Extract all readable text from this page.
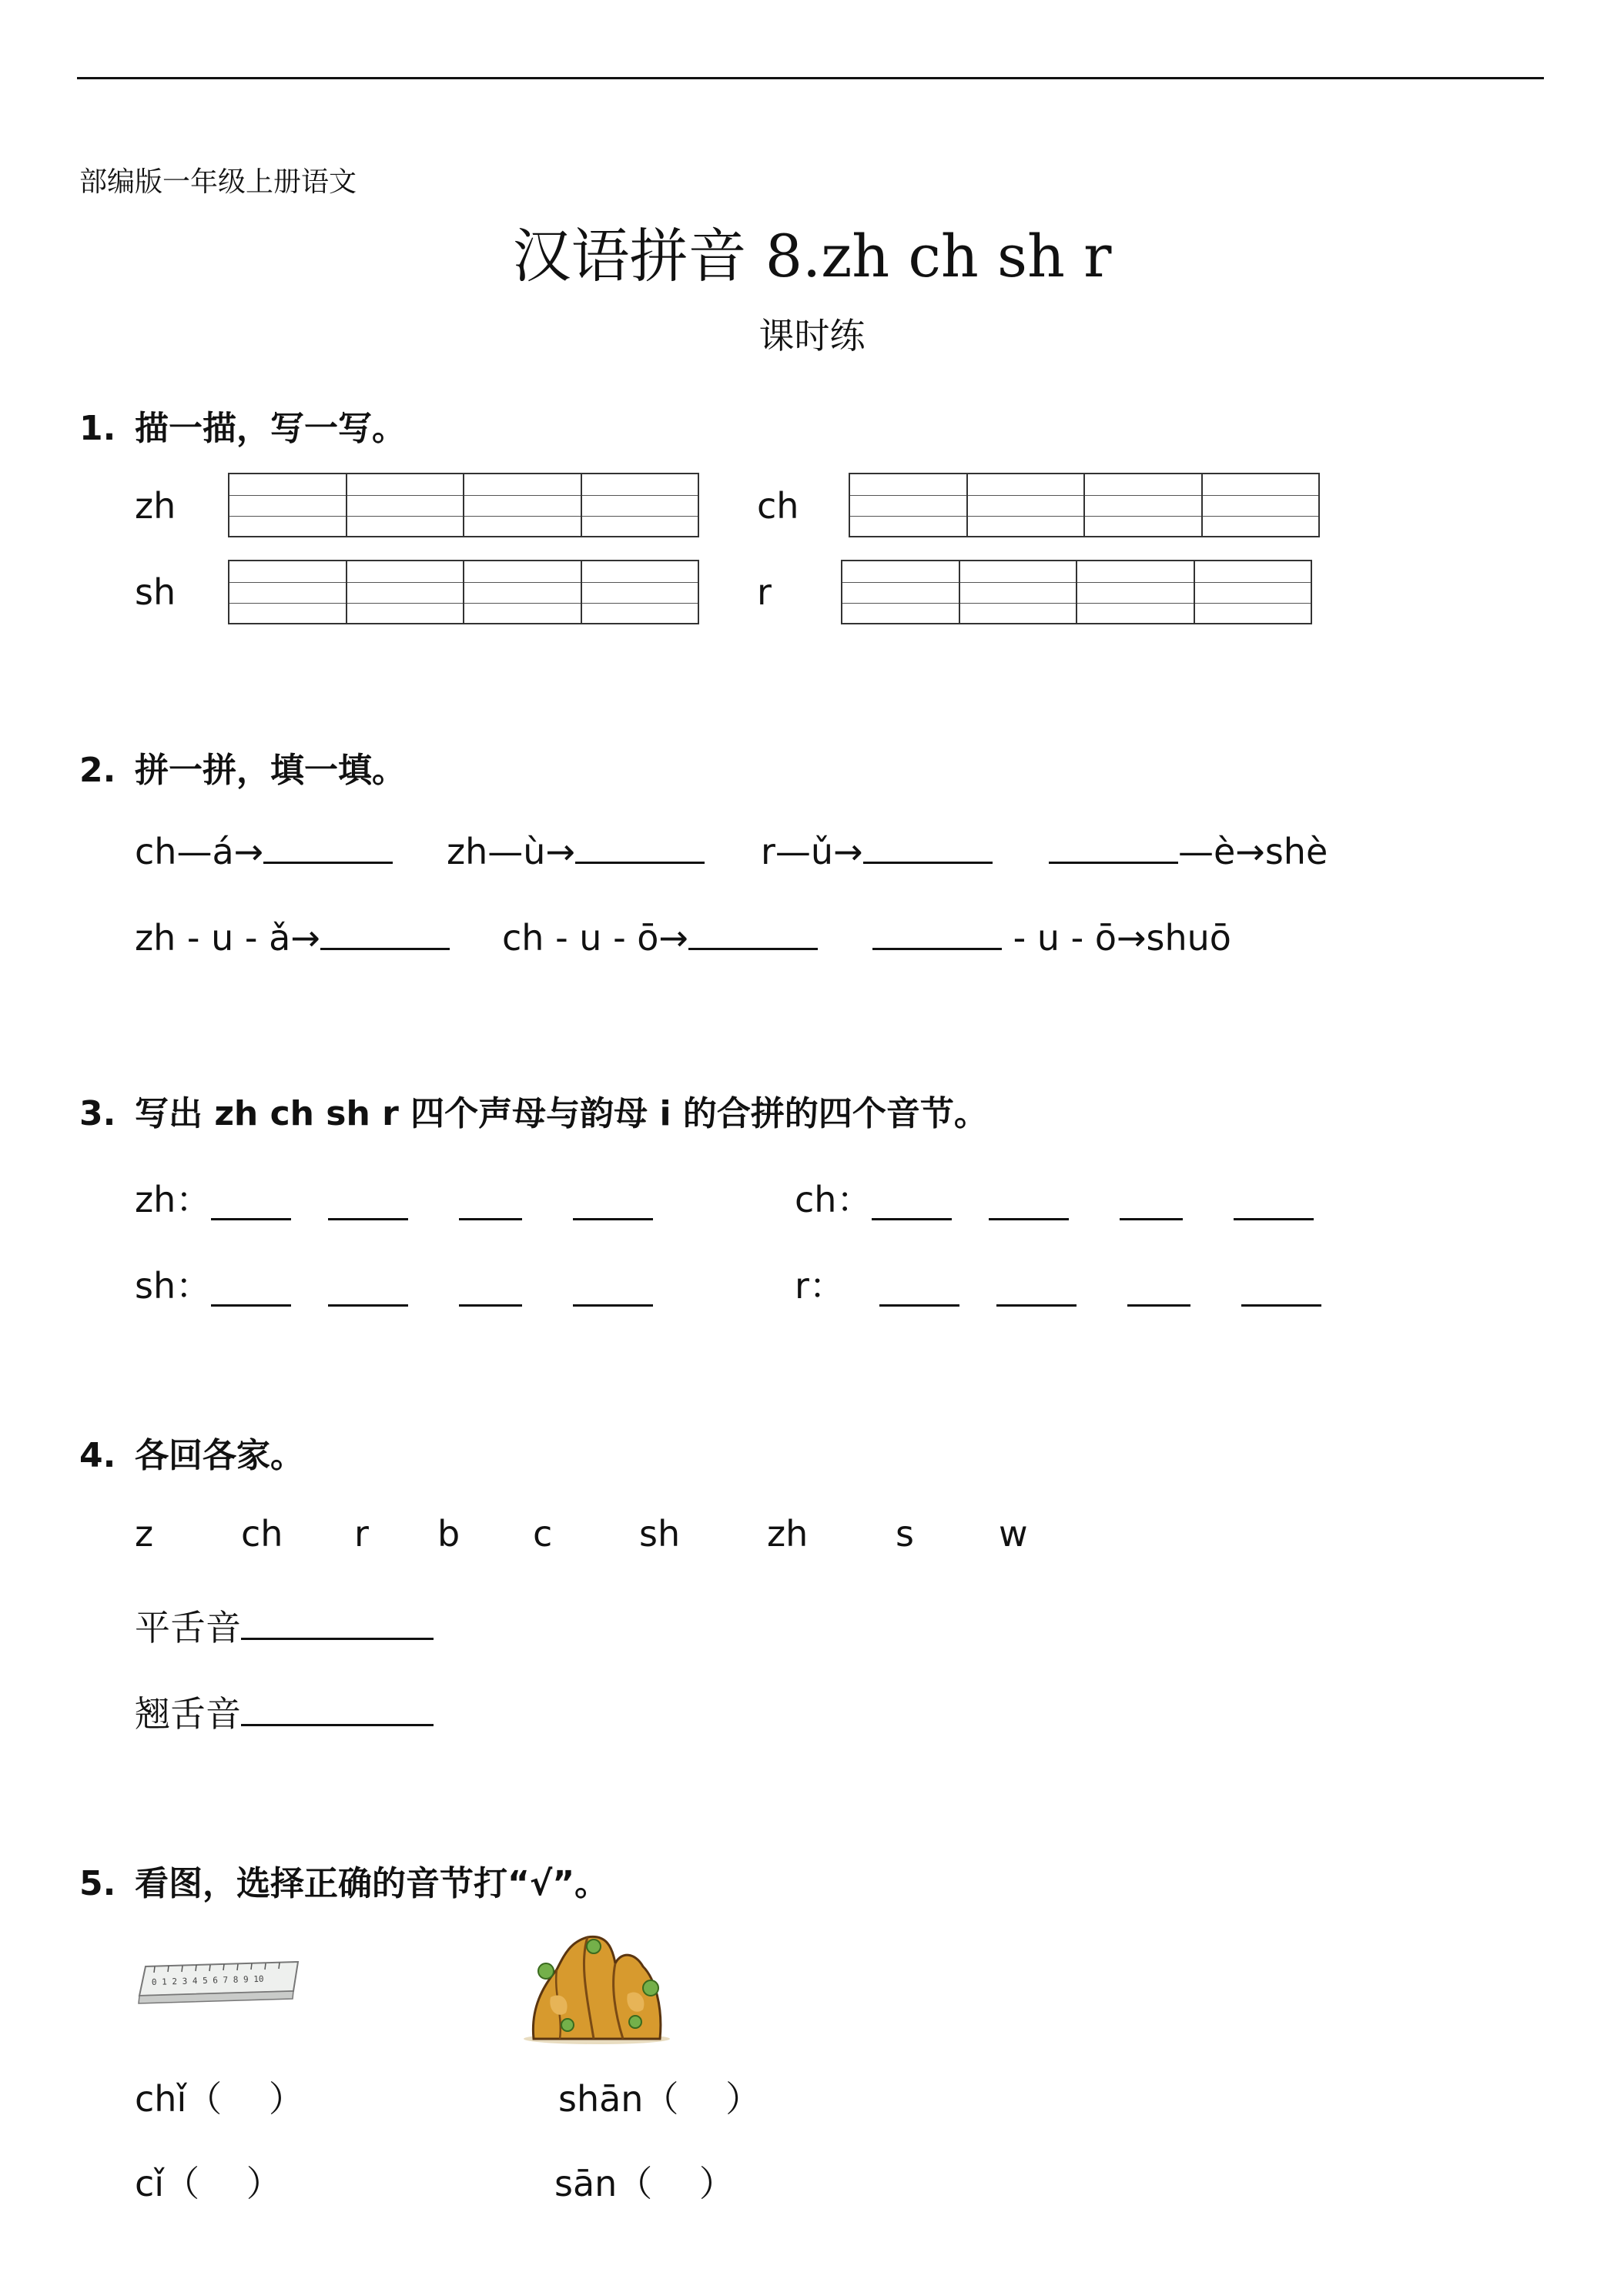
部编版一年级上册语文
汉语拼音 8.zh ch sh r
课时练
1. 描一描，写一写。
zh	ch
sh	r
2. 拼一拼，填一填。
ch—á→	zh—ù→	r—ǔ→	—è→shè
zh - u - ǎ→	ch - u - ō→	- u - ō→shuō
3. 写出 zh ch sh r 四个声母与韵母 i 的合拼的四个音节。
zh：	ch：
sh：	r：
4. 各回各家。
z ch r b c sh zh s w
平舌音
翘舌音
5. 看图，选择正确的音节打“√”。
0 1 2 3 4 5 6 7 8 9 10
chǐ（　 ）	shān（　 ）
cǐ（　 ）	sān（　 ）
